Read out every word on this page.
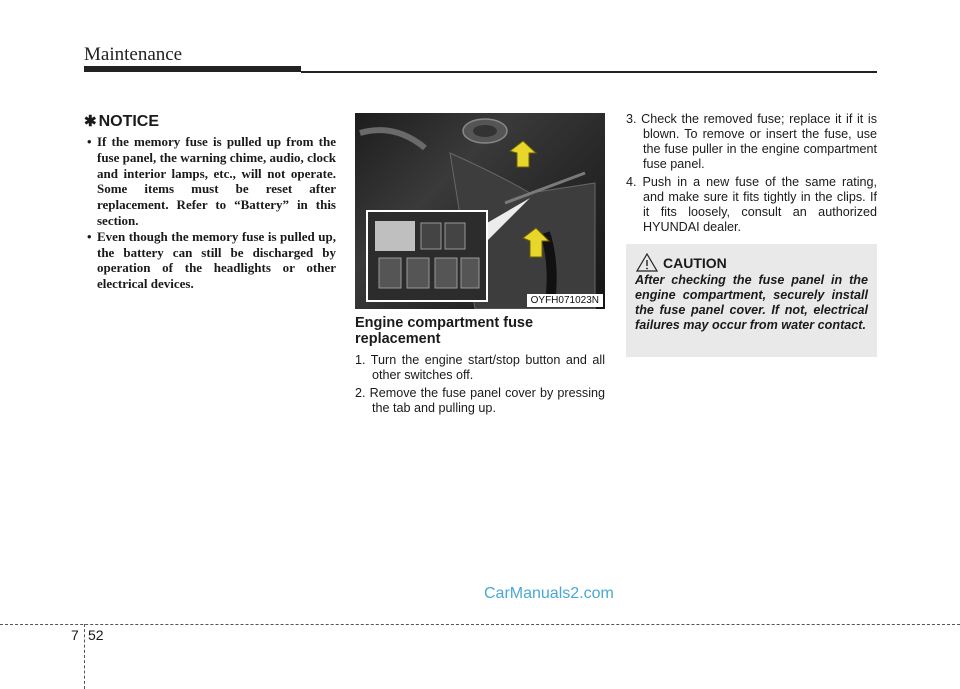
Maintenance
✱ NOTICE
• If the memory fuse is pulled up from the fuse panel, the warning chime, audio, clock and interior lamps, etc., will not operate. Some items must be reset after replacement. Refer to “Battery” in this section.
• Even though the memory fuse is pulled up, the battery can still be discharged by operation of the headlights or other electrical devices.
OYFH071023N
Engine compartment fuse replacement
1. Turn the engine start/stop button and all other switches off.
2. Remove the fuse panel cover by pressing the tab and pulling up.
3. Check the removed fuse; replace it if it is blown. To remove or insert the fuse, use the fuse puller in the engine compartment fuse panel.
4. Push in a new fuse of the same rating, and make sure it fits tightly in the clips. If it fits loosely, consult an authorized HYUNDAI dealer.
CAUTION
After checking the fuse panel in the engine compartment, securely install the fuse panel cover. If not, electrical failures may occur from water contact.
CarManuals2.com
7 52
